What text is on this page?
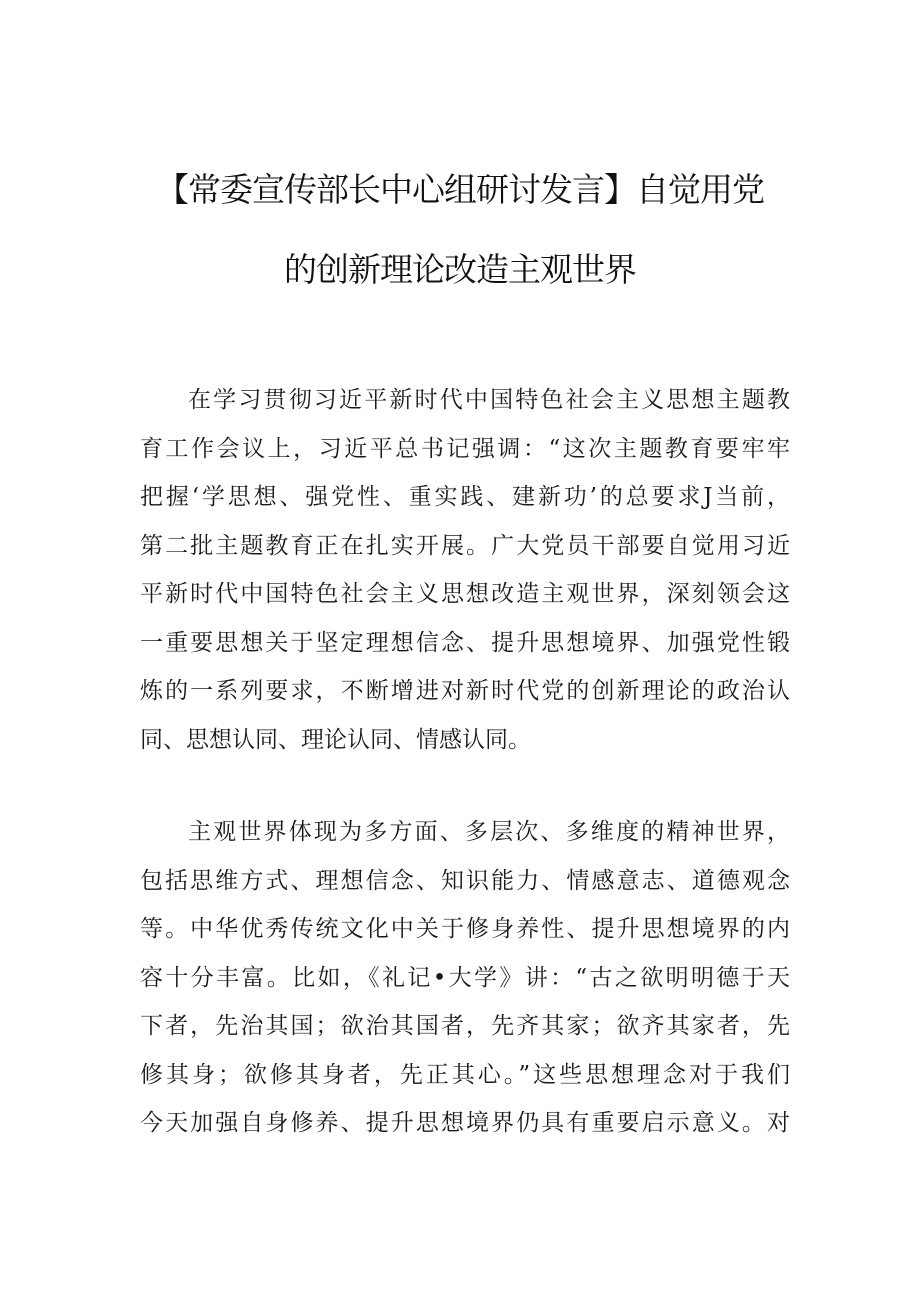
【常委宣传部长中心组研讨发言】自觉用党
的创新理论改造主观世界
在学习贯彻习近平新时代中国特色社会主义思想主题教
育工作会议上，习近平总书记强调：“这次主题教育要牢牢
把握‘学思想、强党性、重实践、建新功’的总要求J当前，
第二批主题教育正在扎实开展。广大党员干部要自觉用习近
平新时代中国特色社会主义思想改造主观世界，深刻领会这
一重要思想关于坚定理想信念、提升思想境界、加强党性锻
炼的一系列要求，不断增进对新时代党的创新理论的政治认
同、思想认同、理论认同、情感认同。
主观世界体现为多方面、多层次、多维度的精神世界，
包括思维方式、理想信念、知识能力、情感意志、道德观念
等。中华优秀传统文化中关于修身养性、提升思想境界的内
容十分丰富。比如，《礼记•大学》讲：“古之欲明明德于天
下者，先治其国；欲治其国者，先齐其家；欲齐其家者，先
修其身；欲修其身者，先正其心。”这些思想理念对于我们
今天加强自身修养、提升思想境界仍具有重要启示意义。对
